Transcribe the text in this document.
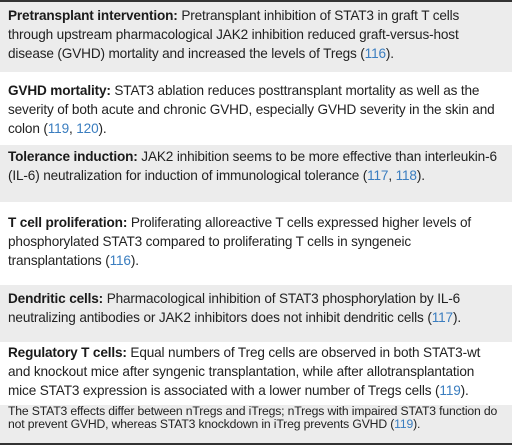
Pretransplant intervention: Pretransplant inhibition of STAT3 in graft T cells through upstream pharmacological JAK2 inhibition reduced graft-versus-host disease (GVHD) mortality and increased the levels of Tregs (116).

GVHD mortality: STAT3 ablation reduces posttransplant mortality as well as the severity of both acute and chronic GVHD, especially GVHD severity in the skin and colon (119, 120).

Tolerance induction: JAK2 inhibition seems to be more effective than interleukin-6 (IL-6) neutralization for induction of immunological tolerance (117, 118).

T cell proliferation: Proliferating alloreactive T cells expressed higher levels of phosphorylated STAT3 compared to proliferating T cells in syngeneic transplantations (116).

Dendritic cells: Pharmacological inhibition of STAT3 phosphorylation by IL-6 neutralizing antibodies or JAK2 inhibitors does not inhibit dendritic cells (117).

Regulatory T cells: Equal numbers of Treg cells are observed in both STAT3-wt and knockout mice after syngenic transplantation, while after allotransplantation mice STAT3 expression is associated with a lower number of Tregs cells (119).

The STAT3 effects differ between nTregs and iTregs; nTregs with impaired STAT3 function do not prevent GVHD, whereas STAT3 knockdown in iTreg prevents GVHD (119).
